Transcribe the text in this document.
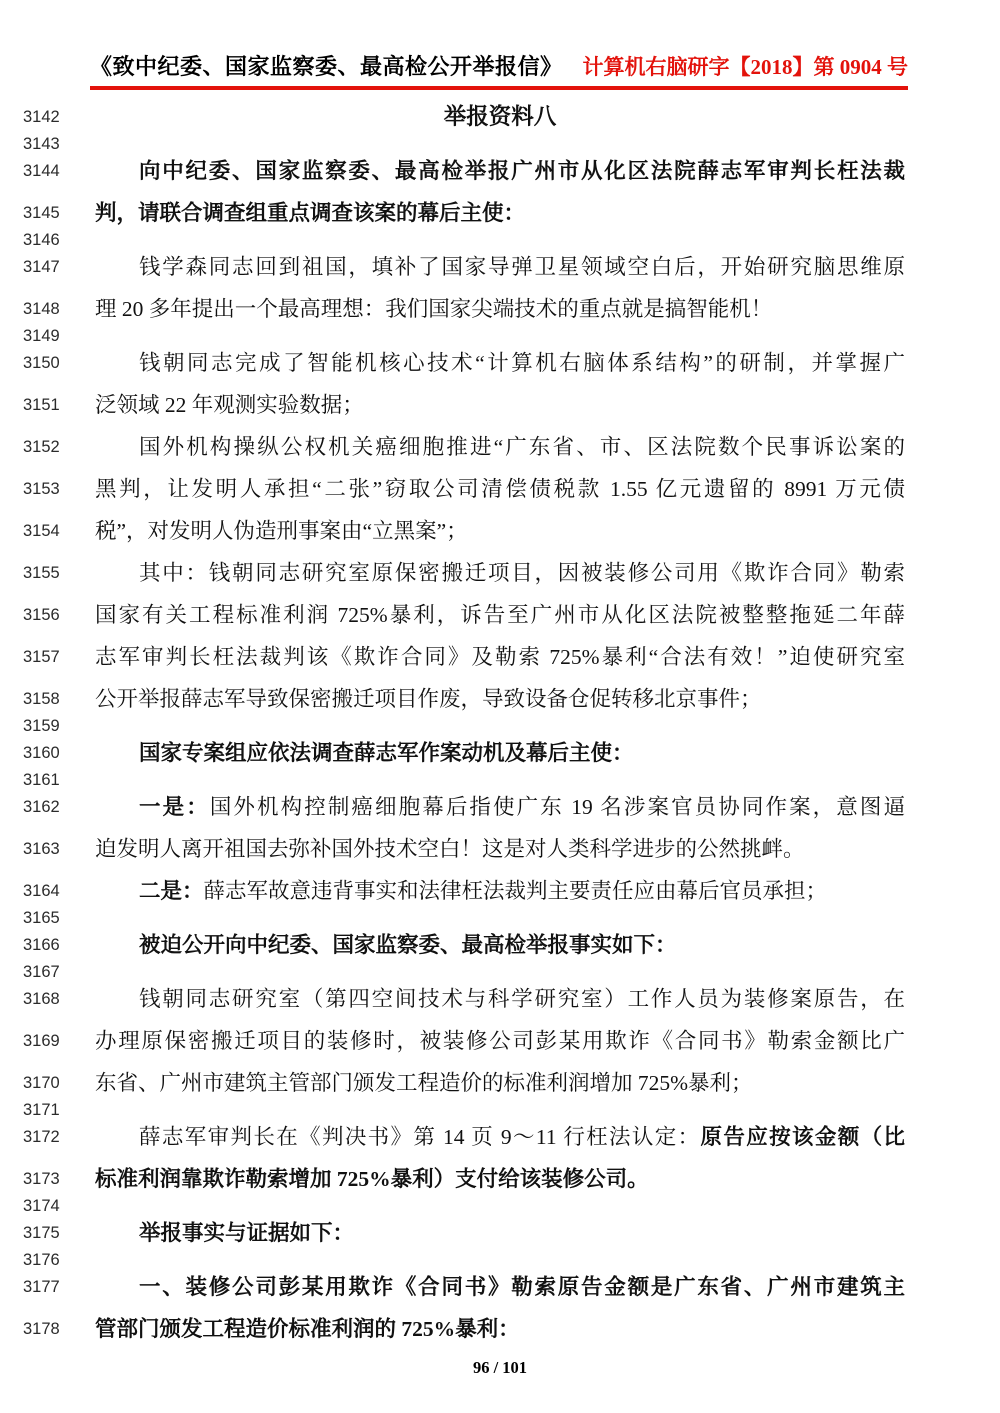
《致中纪委、国家监察委、最高检公开举报信》 计算机右脑研字【2018】第 0904 号
3142	举报资料八
3143
3144	向中纪委、国家监察委、最高检举报广州市从化区法院薛志军审判长枉法裁
3145	判，请联合调查组重点调查该案的幕后主使：
3146
3147	钱学森同志回到祖国，填补了国家导弹卫星领域空白后，开始研究脑思维原
3148	理 20 多年提出一个最高理想：我们国家尖端技术的重点就是搞智能机！
3149
3150	钱朝同志完成了智能机核心技术“计算机右脑体系结构”的研制，并掌握广
3151	泛领域 22 年观测实验数据；
3152	国外机构操纵公权机关癌细胞推进“广东省、市、区法院数个民事诉讼案的
3153	黑判，让发明人承担“二张”窃取公司清偿债税款 1.55 亿元遗留的 8991 万元债
3154	税”，对发明人伪造刑事案由“立黑案”；
3155	其中：钱朝同志研究室原保密搬迁项目，因被装修公司用《欺诈合同》勒索
3156	国家有关工程标准利润 725%暴利，诉告至广州市从化区法院被整整拖延二年薛
3157	志军审判长枉法裁判该《欺诈合同》及勒索 725%暴利“合法有效！”迫使研究室
3158	公开举报薛志军导致保密搬迁项目作废，导致设备仓促转移北京事件；
3159
3160	国家专案组应依法调查薛志军作案动机及幕后主使：
3161
3162	一是：国外机构控制癌细胞幕后指使广东 19 名涉案官员协同作案，意图逼
3163	迫发明人离开祖国去弥补国外技术空白！这是对人类科学进步的公然挑衅。
3164	二是：薛志军故意违背事实和法律枉法裁判主要责任应由幕后官员承担；
3165
3166	被迫公开向中纪委、国家监察委、最高检举报事实如下：
3167
3168	钱朝同志研究室（第四空间技术与科学研究室）工作人员为装修案原告，在
3169	办理原保密搬迁项目的装修时，被装修公司彭某用欺诈《合同书》勒索金额比广
3170	东省、广州市建筑主管部门颁发工程造价的标准利润增加 725%暴利；
3171
3172	薛志军审判长在《判决书》第 14 页 9～11 行枉法认定：原告应按该金额（比
3173	标准利润靠欺诈勒索增加 725%暴利）支付给该装修公司。
3174
3175	举报事实与证据如下：
3176
3177	一、装修公司彭某用欺诈《合同书》勒索原告金额是广东省、广州市建筑主
3178	管部门颁发工程造价标准利润的 725%暴利：
96 / 101
